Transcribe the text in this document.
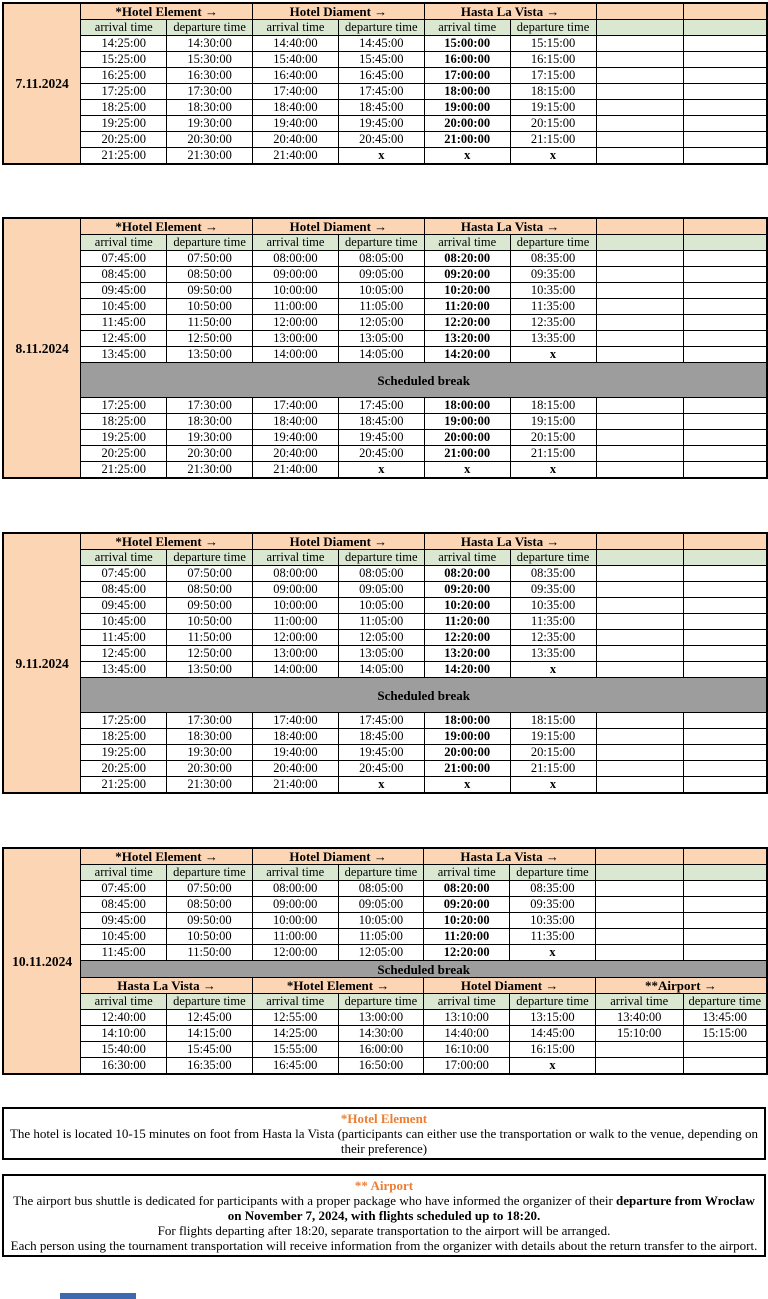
7.11.2024	*Hotel Element →		Hotel Diament →		Hasta La Vista →			
	arrival time	departure time	arrival time	departure time	arrival time	departure time		
	14:25:00	14:30:00	14:40:00	14:45:00	15:00:00	15:15:00		
	15:25:00	15:30:00	15:40:00	15:45:00	16:00:00	16:15:00		
	16:25:00	16:30:00	16:40:00	16:45:00	17:00:00	17:15:00		
	17:25:00	17:30:00	17:40:00	17:45:00	18:00:00	18:15:00		
	18:25:00	18:30:00	18:40:00	18:45:00	19:00:00	19:15:00		
	19:25:00	19:30:00	19:40:00	19:45:00	20:00:00	20:15:00		
	20:25:00	20:30:00	20:40:00	20:45:00	21:00:00	21:15:00		
	21:25:00	21:30:00	21:40:00	x	x	x		
8.11.2024	*Hotel Element →		Hotel Diament →		Hasta La Vista →			
	arrival time	departure time	arrival time	departure time	arrival time	departure time		
	07:45:00	07:50:00	08:00:00	08:05:00	08:20:00	08:35:00		
	08:45:00	08:50:00	09:00:00	09:05:00	09:20:00	09:35:00		
	09:45:00	09:50:00	10:00:00	10:05:00	10:20:00	10:35:00		
	10:45:00	10:50:00	11:00:00	11:05:00	11:20:00	11:35:00		
	11:45:00	11:50:00	12:00:00	12:05:00	12:20:00	12:35:00		
	12:45:00	12:50:00	13:00:00	13:05:00	13:20:00	13:35:00		
	13:45:00	13:50:00	14:00:00	14:05:00	14:20:00	x		
	Scheduled break							
	17:25:00	17:30:00	17:40:00	17:45:00	18:00:00	18:15:00		
	18:25:00	18:30:00	18:40:00	18:45:00	19:00:00	19:15:00		
	19:25:00	19:30:00	19:40:00	19:45:00	20:00:00	20:15:00		
	20:25:00	20:30:00	20:40:00	20:45:00	21:00:00	21:15:00		
	21:25:00	21:30:00	21:40:00	x	x	x		
9.11.2024	*Hotel Element →		Hotel Diament →		Hasta La Vista →			
	arrival time	departure time	arrival time	departure time	arrival time	departure time		
	07:45:00	07:50:00	08:00:00	08:05:00	08:20:00	08:35:00		
	08:45:00	08:50:00	09:00:00	09:05:00	09:20:00	09:35:00		
	09:45:00	09:50:00	10:00:00	10:05:00	10:20:00	10:35:00		
	10:45:00	10:50:00	11:00:00	11:05:00	11:20:00	11:35:00		
	11:45:00	11:50:00	12:00:00	12:05:00	12:20:00	12:35:00		
	12:45:00	12:50:00	13:00:00	13:05:00	13:20:00	13:35:00		
	13:45:00	13:50:00	14:00:00	14:05:00	14:20:00	x		
	Scheduled break							
	17:25:00	17:30:00	17:40:00	17:45:00	18:00:00	18:15:00		
	18:25:00	18:30:00	18:40:00	18:45:00	19:00:00	19:15:00		
	19:25:00	19:30:00	19:40:00	19:45:00	20:00:00	20:15:00		
	20:25:00	20:30:00	20:40:00	20:45:00	21:00:00	21:15:00		
	21:25:00	21:30:00	21:40:00	x	x	x		
10.11.2024	*Hotel Element →		Hotel Diament →		Hasta La Vista →			
	arrival time	departure time	arrival time	departure time	arrival time	departure time		
	07:45:00	07:50:00	08:00:00	08:05:00	08:20:00	08:35:00		
	08:45:00	08:50:00	09:00:00	09:05:00	09:20:00	09:35:00		
	09:45:00	09:50:00	10:00:00	10:05:00	10:20:00	10:35:00		
	10:45:00	10:50:00	11:00:00	11:05:00	11:20:00	11:35:00		
	11:45:00	11:50:00	12:00:00	12:05:00	12:20:00	x		
	Scheduled break							
	Hasta La Vista →		*Hotel Element →		Hotel Diament →		**Airport →	
	arrival time	departure time	arrival time	departure time	arrival time	departure time	arrival time	departure time
	12:40:00	12:45:00	12:55:00	13:00:00	13:10:00	13:15:00	13:40:00	13:45:00
	14:10:00	14:15:00	14:25:00	14:30:00	14:40:00	14:45:00	15:10:00	15:15:00
	15:40:00	15:45:00	15:55:00	16:00:00	16:10:00	16:15:00		
	16:30:00	16:35:00	16:45:00	16:50:00	17:00:00	x		
*Hotel Element
The hotel is located 10-15 minutes on foot from Hasta la Vista (participants can either use the transportation or walk to the venue, depending on their preference)
** Airport
The airport bus shuttle is dedicated for participants with a proper package who have informed the organizer of their departure from Wrocław on November 7, 2024, with flights scheduled up to 18:20.
For flights departing after 18:20, separate transportation to the airport will be arranged.
Each person using the tournament transportation will receive information from the organizer with details about the return transfer to the airport.
